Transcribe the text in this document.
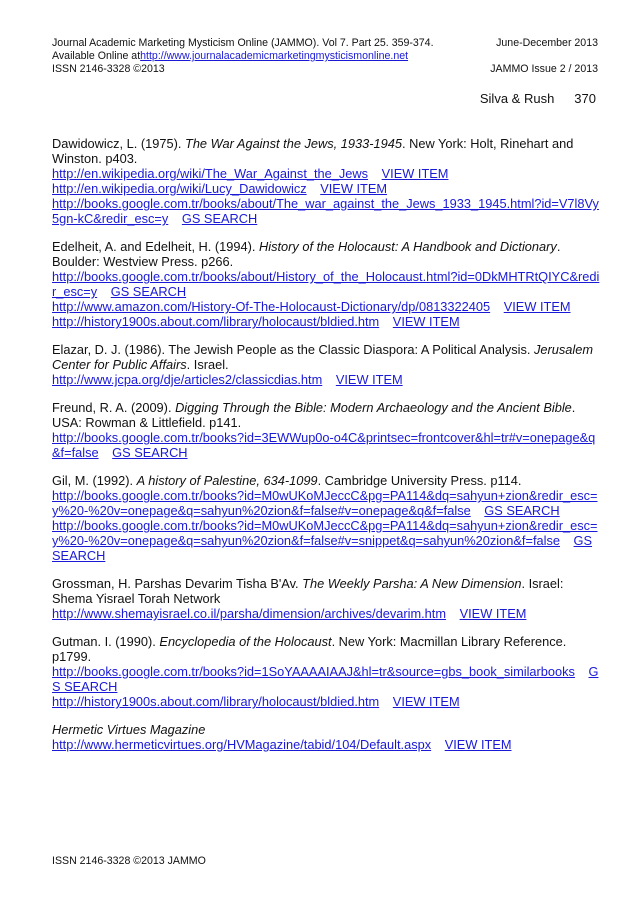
Journal Academic Marketing Mysticism Online (JAMMO). Vol 7. Part 25. 359-374.	June-December 2013
Available Online at http://www.journalacademicmarketingmysticismonline.net
ISSN 2146-3328 ©2013	JAMMO Issue 2 / 2013
Silva & Rush 370

Dawidowicz, L. (1975). The War Against the Jews, 1933-1945. New York: Holt, Rinehart and Winston. p403.

http://en.wikipedia.org/wiki/The_War_Against_the_Jews VIEW ITEM
http://en.wikipedia.org/wiki/Lucy_Dawidowicz VIEW ITEM
http://books.google.com.tr/books/about/The_war_against_the_Jews_1933_1945.html?id=V7l8Vy5gn-kC&redir_esc=y GS SEARCH

Edelheit, A. and Edelheit, H. (1994). History of the Holocaust: A Handbook and Dictionary. Boulder: Westview Press. p266.

http://books.google.com.tr/books/about/History_of_the_Holocaust.html?id=0DkMHTRtQIYC&redir_esc=y GS SEARCH
http://www.amazon.com/History-Of-The-Holocaust-Dictionary/dp/0813322405 VIEW ITEM
http://history1900s.about.com/library/holocaust/bldied.htm VIEW ITEM

Elazar, D. J. (1986). The Jewish People as the Classic Diaspora: A Political Analysis. Jerusalem Center for Public Affairs. Israel.

http://www.jcpa.org/dje/articles2/classicdias.htm VIEW ITEM

Freund, R. A. (2009). Digging Through the Bible: Modern Archaeology and the Ancient Bible. USA: Rowman & Littlefield. p141.

http://books.google.com.tr/books?id=3EWWup0o-o4C&printsec=frontcover&hl=tr#v=onepage&q&f=false GS SEARCH

Gil, M. (1992). A history of Palestine, 634-1099. Cambridge University Press. p114.

http://books.google.com.tr/books?id=M0wUKoMJeccC&pg=PA114&dq=sahyun+zion&redir_esc=y%20-%20v=onepage&q=sahyun%20zion&f=false#v=onepage&q&f=false GS SEARCH
http://books.google.com.tr/books?id=M0wUKoMJeccC&pg=PA114&dq=sahyun+zion&redir_esc=y%20-%20v=onepage&q=sahyun%20zion&f=false#v=snippet&q=sahyun%20zion&f=false GS SEARCH

Grossman, H. Parshas Devarim Tisha B'Av. The Weekly Parsha: A New Dimension. Israel: Shema Yisrael Torah Network

http://www.shemayisrael.co.il/parsha/dimension/archives/devarim.htm VIEW ITEM

Gutman. I. (1990). Encyclopedia of the Holocaust. New York: Macmillan Library Reference. p1799.

http://books.google.com.tr/books?id=1SoYAAAAIAAJ&hl=tr&source=gbs_book_similarbooks GS SEARCH
http://history1900s.about.com/library/holocaust/bldied.htm VIEW ITEM

Hermetic Virtues Magazine

http://www.hermeticvirtues.org/HVMagazine/tabid/104/Default.aspx VIEW ITEM
ISSN 2146-3328 ©2013 JAMMO
